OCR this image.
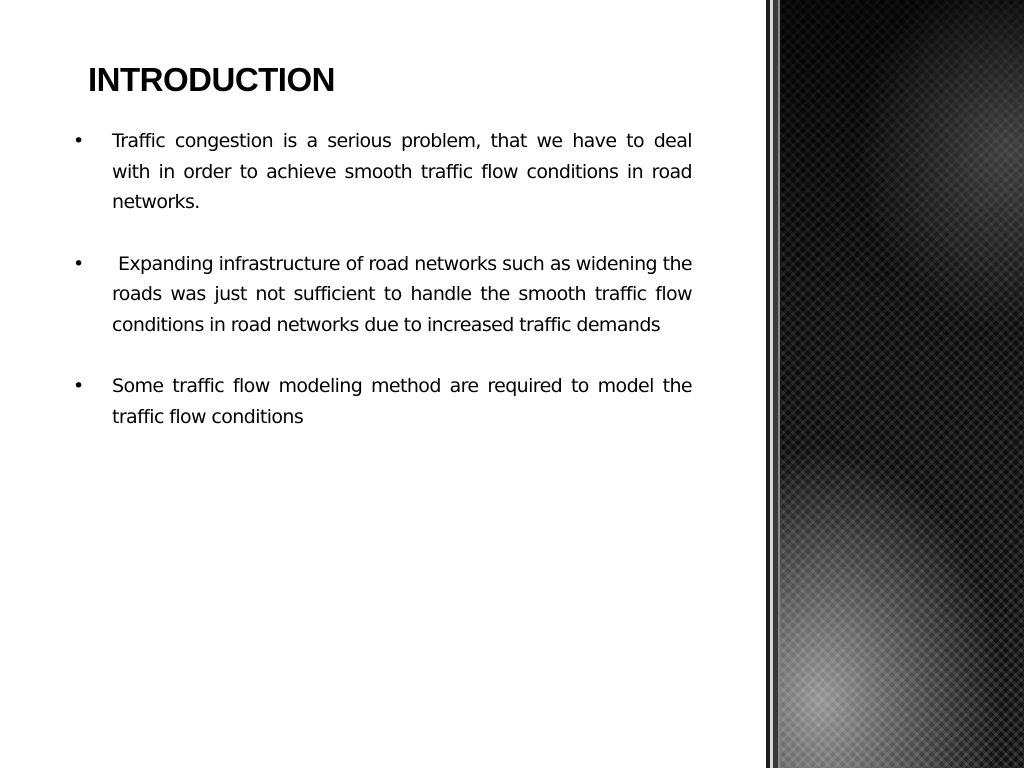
INTRODUCTION
• Traffic congestion is a serious problem, that we have to deal with in order to achieve smooth traffic flow conditions in road networks.
• Expanding infrastructure of road networks such as widening the roads was just not sufficient to handle the smooth traffic flow conditions in road networks due to increased traffic demands
• Some traffic flow modeling method are required to model the traffic flow conditions
